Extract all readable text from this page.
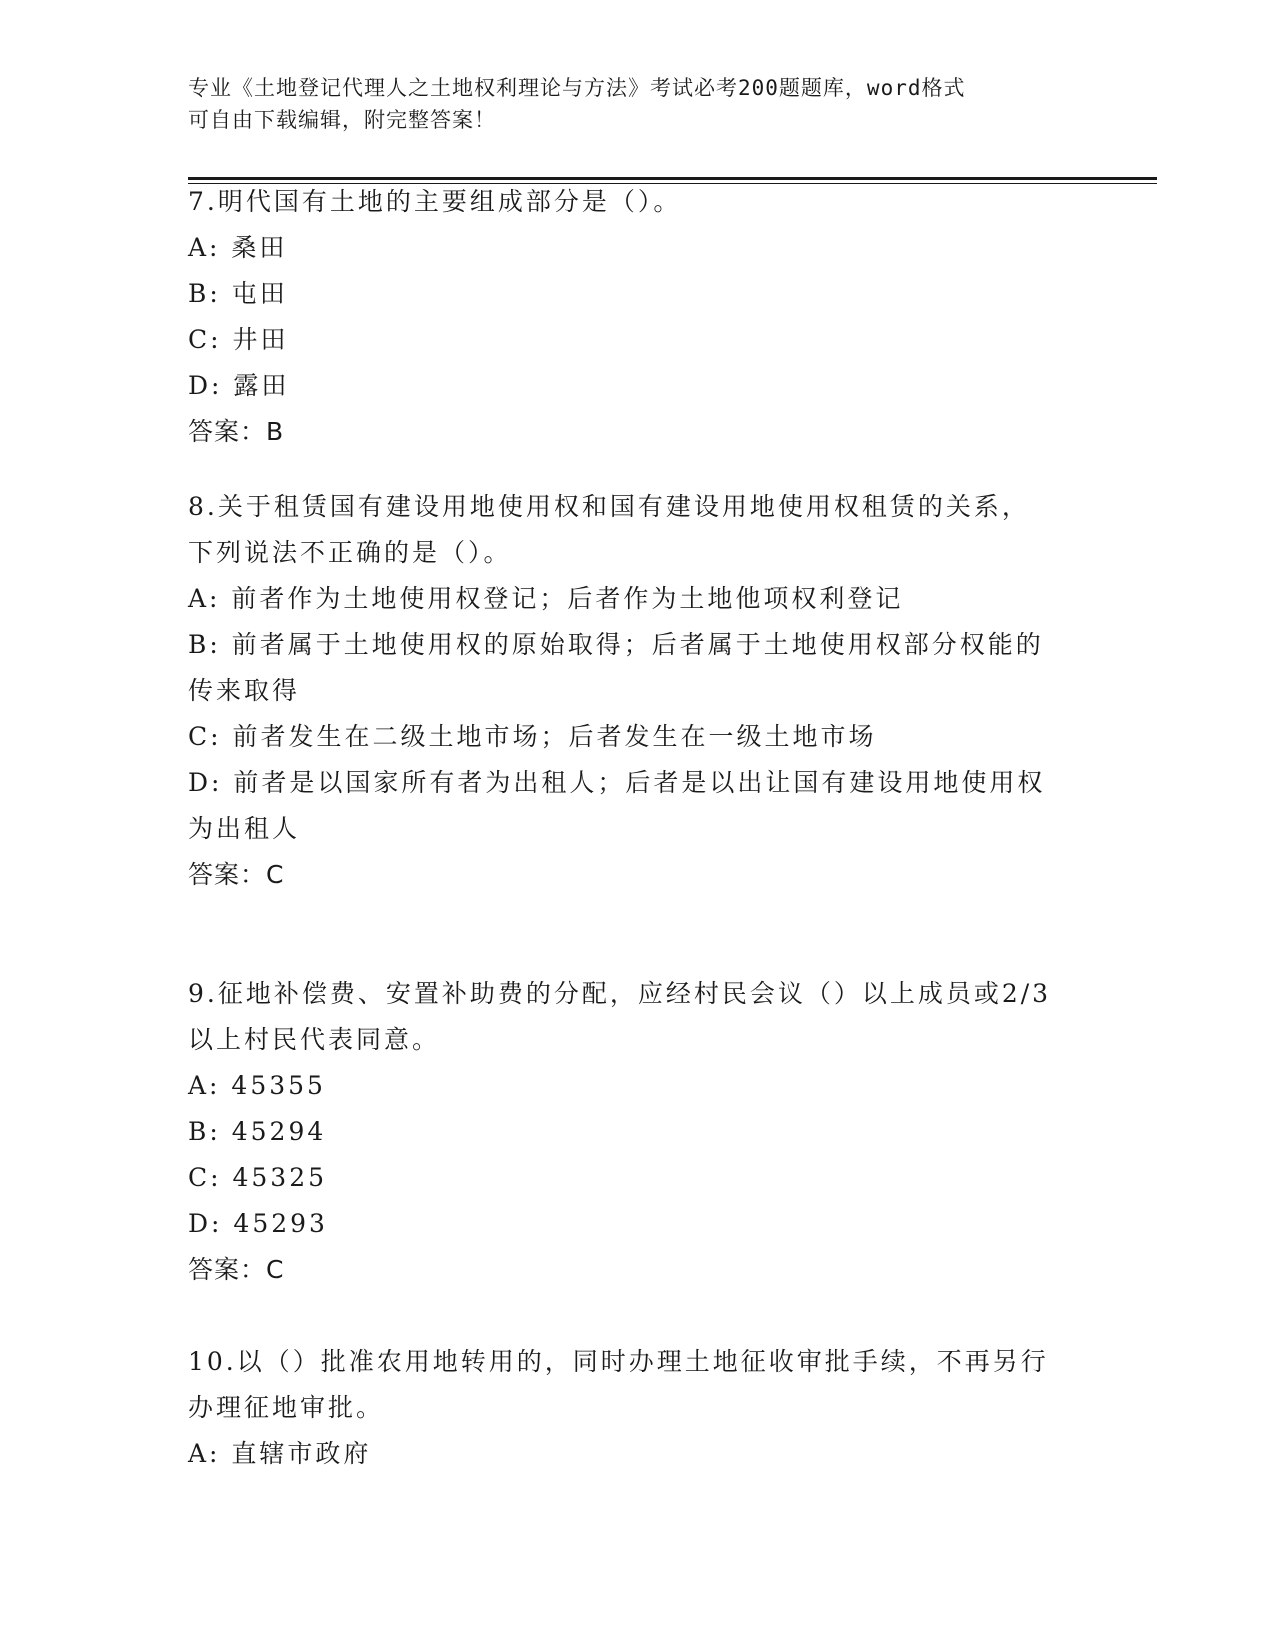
专业《土地登记代理人之土地权利理论与方法》考试必考200题题库，word格式
可自由下载编辑，附完整答案！
7.明代国有土地的主要组成部分是（）。
A: 桑田
B: 屯田
C: 井田
D: 露田
答案：B
8.关于租赁国有建设用地使用权和国有建设用地使用权租赁的关系，
下列说法不正确的是（）。
A: 前者作为土地使用权登记；后者作为土地他项权利登记
B: 前者属于土地使用权的原始取得；后者属于土地使用权部分权能的
传来取得
C: 前者发生在二级土地市场；后者发生在一级土地市场
D: 前者是以国家所有者为出租人；后者是以出让国有建设用地使用权
为出租人
答案：C
9.征地补偿费、安置补助费的分配，应经村民会议（）以上成员或2/3
以上村民代表同意。
A: 45355
B: 45294
C: 45325
D: 45293
答案：C
10.以（）批准农用地转用的，同时办理土地征收审批手续，不再另行
办理征地审批。
A: 直辖市政府
